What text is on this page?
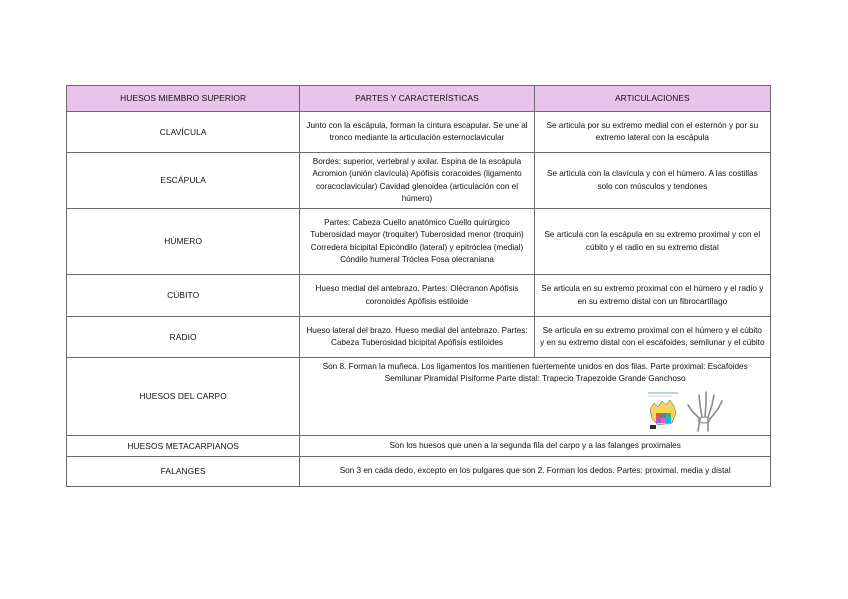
HUESOS MIEMBRO SUPERIOR	PARTES Y CARACTERÍSTICAS	ARTICULACIONES
CLAVÍCULA	Junto con la escápula, forman la cintura escapular. Se une al tronco mediante la articulación esternoclavicular	Se articula por su extremo medial con el esternón y por su extremo lateral con la escápula
ESCÁPULA	Bordes: superior, vertebral y axilar. Espina de la escápula Acromion (unión clavícula) Apófisis coracoides (ligamento coracoclavicular) Cavidad glenoidea (articulación con el húmero)	Se articula con la clavícula y con el húmero. A las costillas solo con músculos y tendones
HÚMERO	Partes: Cabeza Cuello anatómico Cuello quirúrgico Tuberosidad mayor (troquiter) Tuberosidad menor (troquin) Corredera bicipital Epicóndilo (lateral) y epitróclea (medial) Cóndilo humeral Tróclea Fosa olecraniana	Se articula con la escápula en su extremo proximal y con el cúbito y el radio en su extremo distal
CÚBITO	Hueso medial del antebrazo. Partes: Olécranon Apófisis coronoides Apófisis estiloide	Se articula en su extremo proximal con el húmero y el radio y en su extremo distal con un fibrocartílago
RADIO	Hueso lateral del brazo. Hueso medial del antebrazo. Partes: Cabeza Tuberosidad bicipital Apófisis estiloides	Se articula en su extremo proximal con el húmero y el cúbito y en su extremo distal con el escafoides, semilunar y el cúbito
HUESOS DEL CARPO	Son 8. Forman la muñeca. Los ligamentos los mantienen fuertemente unidos en dos filas. Parte proximal: Escafoides Semilunar Piramidal Pisiforme Parte distal: Trapecio Trapezoide Grande Ganchoso	

HUESOS METACARPIANOS	Son los huesos que unen a la segunda fila del carpo y a las falanges proximales	
FALANGES	Son 3 en cada dedo, excepto en los pulgares que son 2. Forman los dedos. Partes: proximal, media y distal	
